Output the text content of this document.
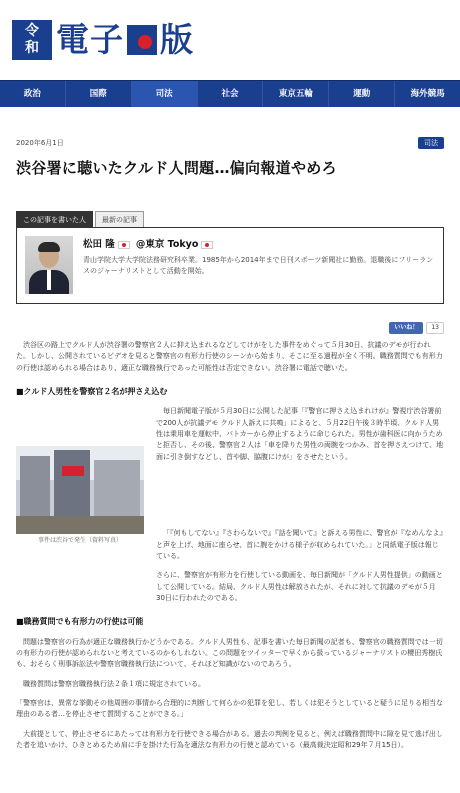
令
和 電子 版
政治	国際	司法	社会	東京五輪	運動	海外競馬
2020年6月1日	司法
渋谷署に聴いたクルド人問題…偏向報道やめろ
この記事を書いた人	最新の記事
松田 隆 @東京 Tokyo
青山学院大学大学院法務研究科卒業。1985年から2014年まで日刊スポーツ新聞社に勤務。退職後にフリーランスのジャーナリストとして活動を開始。
いいね！	13

渋谷区の路上でクルド人が渋谷署の警察官２人に抑え込まれるなどしてけがをした事件をめぐって５月30日、抗議のデモが行われた。しかし、公開されているビデオを見ると警察官の有形力行使のシーンから始まり、そこに至る過程が全く不明。職務質問でも有形力の行使は認められる場合はあり、適正な職務執行であった可能性は否定できない。渋谷署に電話で聴いた。

■クルド人男性を警察官２名が押さえ込む
事件は渋谷で発生（資料写真）

毎日新聞電子版が５月30日に公開した記事「『警官に押さえ込まれけが』警視庁渋谷署前で200人が抗議デモ クルド人訴えに共鳴」によると、５月22日午後３時半頃、クルド人男性は乗用車を運転中、パトカーから停止するように命じられた。男性が歯科医に向かうためと拒否し、その後、警察官２人は「車を降りた男性の両腕をつかみ、首を押さえつけて、地面に引き倒すなどし、首や脚、脇腹にけが」をさせたという。

「『何もしてない』『さわらないで』『話を聞いて』と訴える男性に、警官が『なめんなよ』と声を上げ、地面に座らせ、首に腕をかける様子が収められていた。」と同紙電子版は報じている。

さらに、警察官が有形力を行使している動画を、毎日新聞が「クルド人男性提供」の動画として公開している。結局、クルド人男性は解放されたが、それに対して抗議のデモが５月30日に行われたのである。

■職務質問でも有形力の行使は可能

問題は警察官の行為が適正な職務執行かどうかである。クルド人男性も、記事を書いた毎日新聞の記者も、警察官の職務質問では一切の有形力の行使が認められないと考えているのかもしれない。この問題をツイッターで早くから扱っているジャーナリストの櫻田秀樹氏も、おそらく刑事訴訟法や警察官職務執行法について、それほど知識がないのであろう。

職務質問は警察官職務執行法２条１項に規定されている。

「警察官は、異常な挙動その他周囲の事情から合理的に判断して何らかの犯罪を犯し、若しくは犯そうとしていると疑うに足りる相当な理由のある者…を停止させて質問することができる。」

大前提として、停止させるにあたっては有形力を行使できる場合がある。過去の判例を見ると、例えば職務質問中に隙を見て逃げ出した者を追いかけ、ひきとめるため肩に手を掛けた行為を適法な有形力の行使と認めている（最高裁決定昭和29年７月15日）。
